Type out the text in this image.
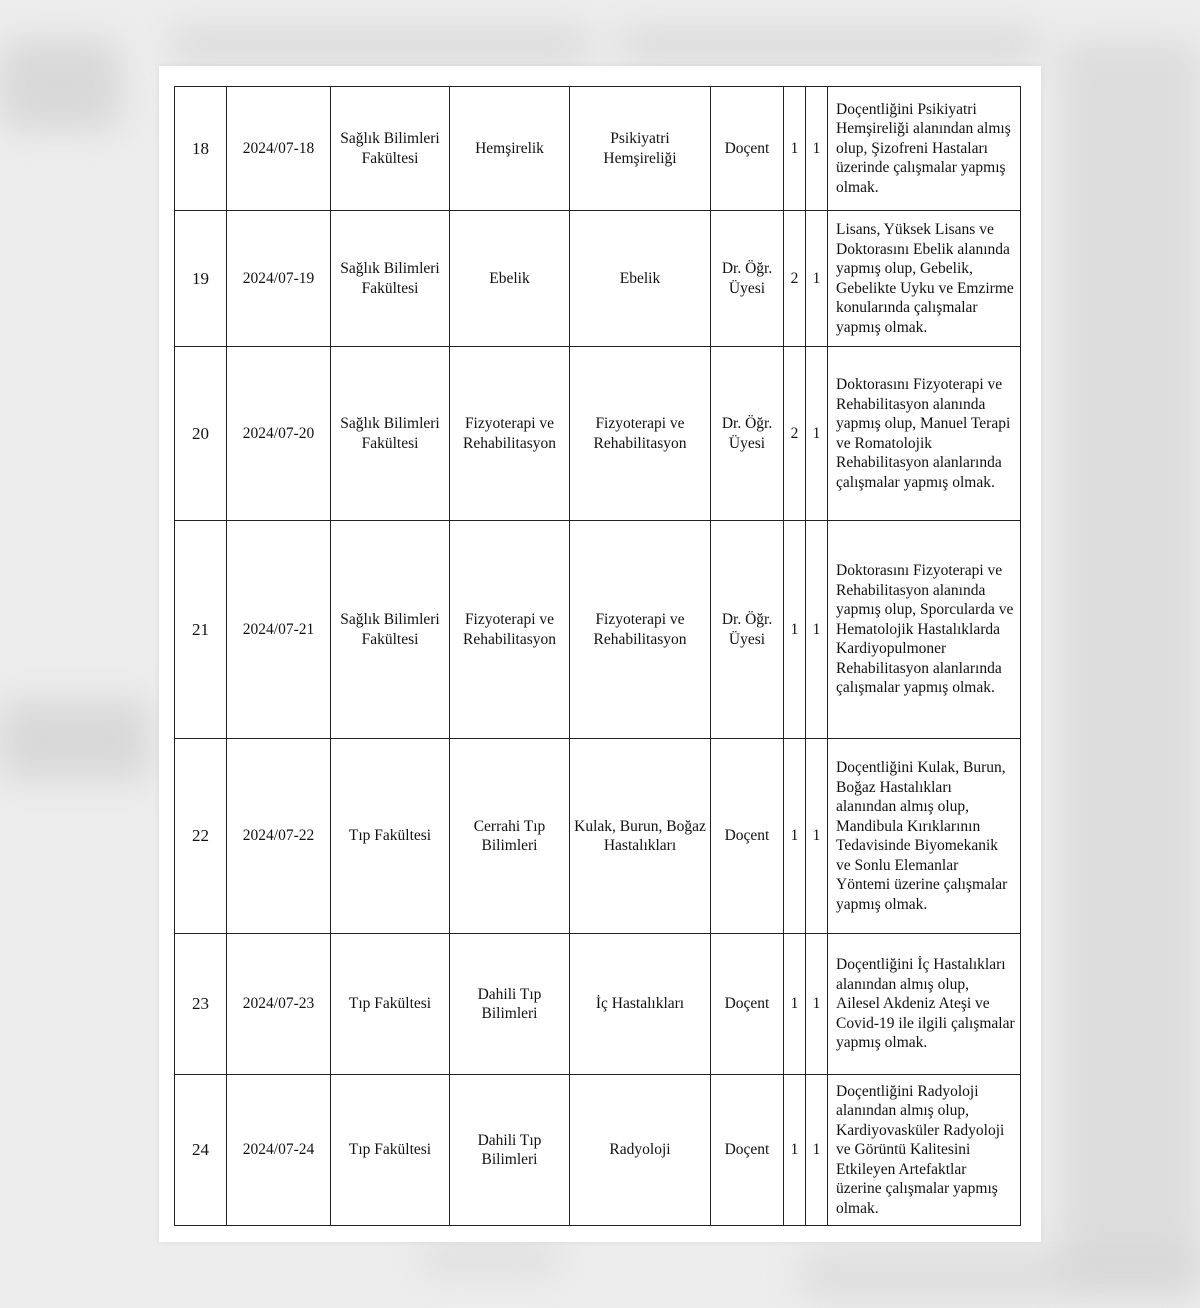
18	2024/07-18	Sağlık Bilimleri Fakültesi	Hemşirelik	Psikiyatri Hemşireliği	Doçent	1	1	Doçentliğini Psikiyatri Hemşireliği alanından almış olup, Şizofreni Hastaları üzerinde çalışmalar yapmış olmak.
19	2024/07-19	Sağlık Bilimleri Fakültesi	Ebelik	Ebelik	Dr. Öğr. Üyesi	2	1	Lisans, Yüksek Lisans ve Doktorasını Ebelik alanında yapmış olup, Gebelik, Gebelikte Uyku ve Emzirme konularında çalışmalar yapmış olmak.
20	2024/07-20	Sağlık Bilimleri Fakültesi	Fizyoterapi ve Rehabilitasyon	Fizyoterapi ve Rehabilitasyon	Dr. Öğr. Üyesi	2	1	Doktorasını Fizyoterapi ve Rehabilitasyon alanında yapmış olup, Manuel Terapi ve Romatolojik Rehabilitasyon alanlarında çalışmalar yapmış olmak.
21	2024/07-21	Sağlık Bilimleri Fakültesi	Fizyoterapi ve Rehabilitasyon	Fizyoterapi ve Rehabilitasyon	Dr. Öğr. Üyesi	1	1	Doktorasını Fizyoterapi ve Rehabilitasyon alanında yapmış olup, Sporcularda ve Hematolojik Hastalıklarda Kardiyopulmoner Rehabilitasyon alanlarında çalışmalar yapmış olmak.
22	2024/07-22	Tıp Fakültesi	Cerrahi Tıp Bilimleri	Kulak, Burun, Boğaz Hastalıkları	Doçent	1	1	Doçentliğini Kulak, Burun, Boğaz Hastalıkları alanından almış olup, Mandibula Kırıklarının Tedavisinde Biyomekanik ve Sonlu Elemanlar Yöntemi üzerine çalışmalar yapmış olmak.
23	2024/07-23	Tıp Fakültesi	Dahili Tıp Bilimleri	İç Hastalıkları	Doçent	1	1	Doçentliğini İç Hastalıkları alanından almış olup, Ailesel Akdeniz Ateşi ve Covid-19 ile ilgili çalışmalar yapmış olmak.
24	2024/07-24	Tıp Fakültesi	Dahili Tıp Bilimleri	Radyoloji	Doçent	1	1	Doçentliğini Radyoloji alanından almış olup, Kardiyovasküler Radyoloji ve Görüntü Kalitesini Etkileyen Artefaktlar üzerine çalışmalar yapmış olmak.
